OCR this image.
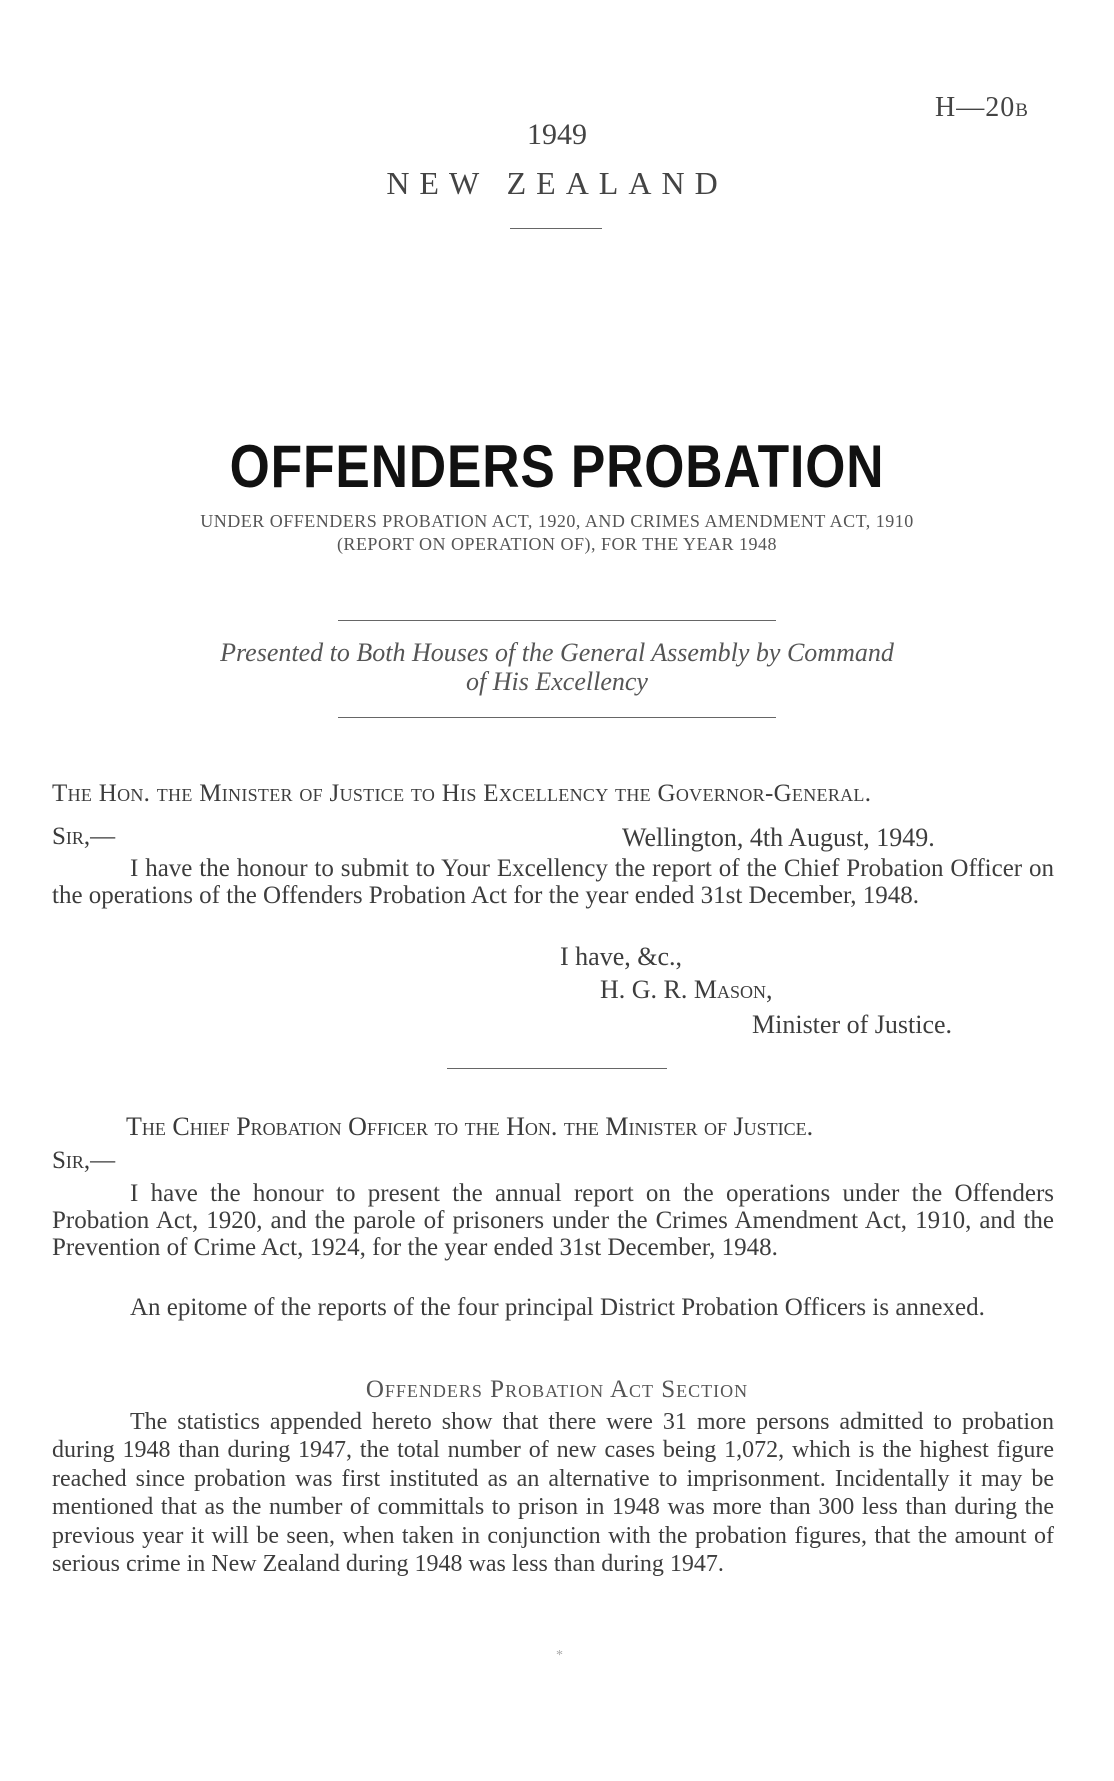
H—20B
1949
NEW ZEALAND
OFFENDERS PROBATION
UNDER OFFENDERS PROBATION ACT, 1920, AND CRIMES AMENDMENT ACT, 1910
(REPORT ON OPERATION OF), FOR THE YEAR 1948
Presented to Both Houses of the General Assembly by Command
of His Excellency
The Hon. the Minister of Justice to His Excellency the Governor-General.
Sir,—	Wellington, 4th August, 1949.
I have the honour to submit to Your Excellency the report of the Chief Probation Officer on the operations of the Offenders Probation Act for the year ended 31st December, 1948.
I have, &c.,
H. G. R. Mason,
Minister of Justice.
The Chief Probation Officer to the Hon. the Minister of Justice.
Sir,—
I have the honour to present the annual report on the operations under the Offenders Probation Act, 1920, and the parole of prisoners under the Crimes Amendment Act, 1910, and the Prevention of Crime Act, 1924, for the year ended 31st December, 1948.
An epitome of the reports of the four principal District Probation Officers is annexed.
Offenders Probation Act Section
The statistics appended hereto show that there were 31 more persons admitted to probation during 1948 than during 1947, the total number of new cases being 1,072, which is the highest figure reached since probation was first instituted as an alternative to imprisonment. Incidentally it may be mentioned that as the number of committals to prison in 1948 was more than 300 less than during the previous year it will be seen, when taken in conjunction with the probation figures, that the amount of serious crime in New Zealand during 1948 was less than during 1947.
*
